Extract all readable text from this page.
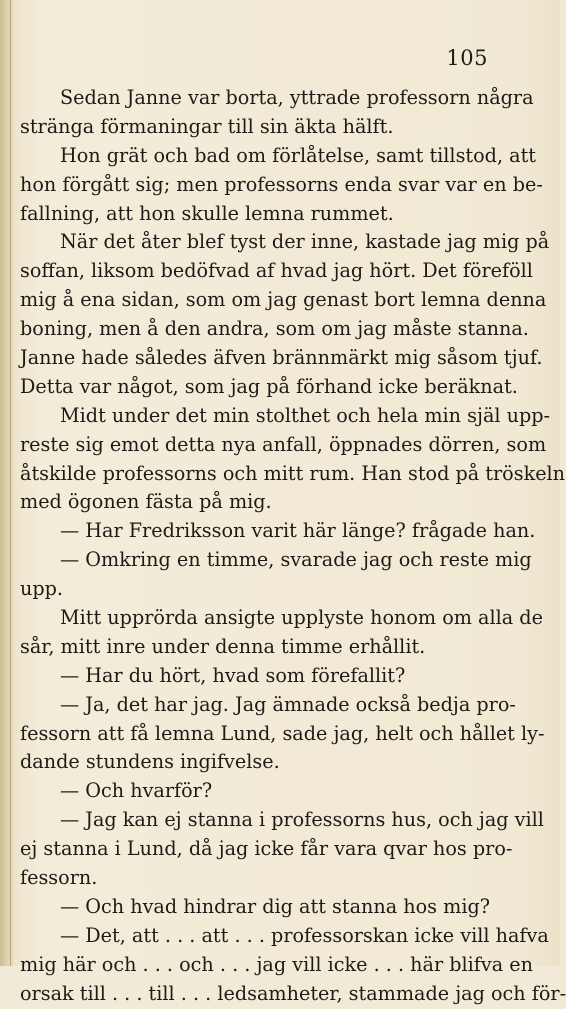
105
Sedan Janne var borta, yttrade professorn några
stränga förmaningar till sin äkta hälft.
Hon grät och bad om förlåtelse, samt tillstod, att
hon förgått sig; men professorns enda svar var en be-
fallning, att hon skulle lemna rummet.
När det åter blef tyst der inne, kastade jag mig på
soffan, liksom bedöfvad af hvad jag hört. Det föreföll
mig å ena sidan, som om jag genast bort lemna denna
boning, men å den andra, som om jag måste stanna.
Janne hade således äfven brännmärkt mig såsom tjuf.
Detta var något, som jag på förhand icke beräknat.
Midt under det min stolthet och hela min själ upp-
reste sig emot detta nya anfall, öppnades dörren, som
åtskilde professorns och mitt rum. Han stod på tröskeln
med ögonen fästa på mig.
— Har Fredriksson varit här länge? frågade han.
— Omkring en timme, svarade jag och reste mig
upp.
Mitt upprörda ansigte upplyste honom om alla de
sår, mitt inre under denna timme erhållit.
— Har du hört, hvad som förefallit?
— Ja, det har jag. Jag ämnade också bedja pro-
fessorn att få lemna Lund, sade jag, helt och hållet ly-
dande stundens ingifvelse.
— Och hvarför?
— Jag kan ej stanna i professorns hus, och jag vill
ej stanna i Lund, då jag icke får vara qvar hos pro-
fessorn.
— Och hvad hindrar dig att stanna hos mig?
— Det, att . . . att . . . professorskan icke vill hafva
mig här och . . . och . . . jag vill icke . . . här blifva en
orsak till . . . till . . . ledsamheter, stammade jag och för-
